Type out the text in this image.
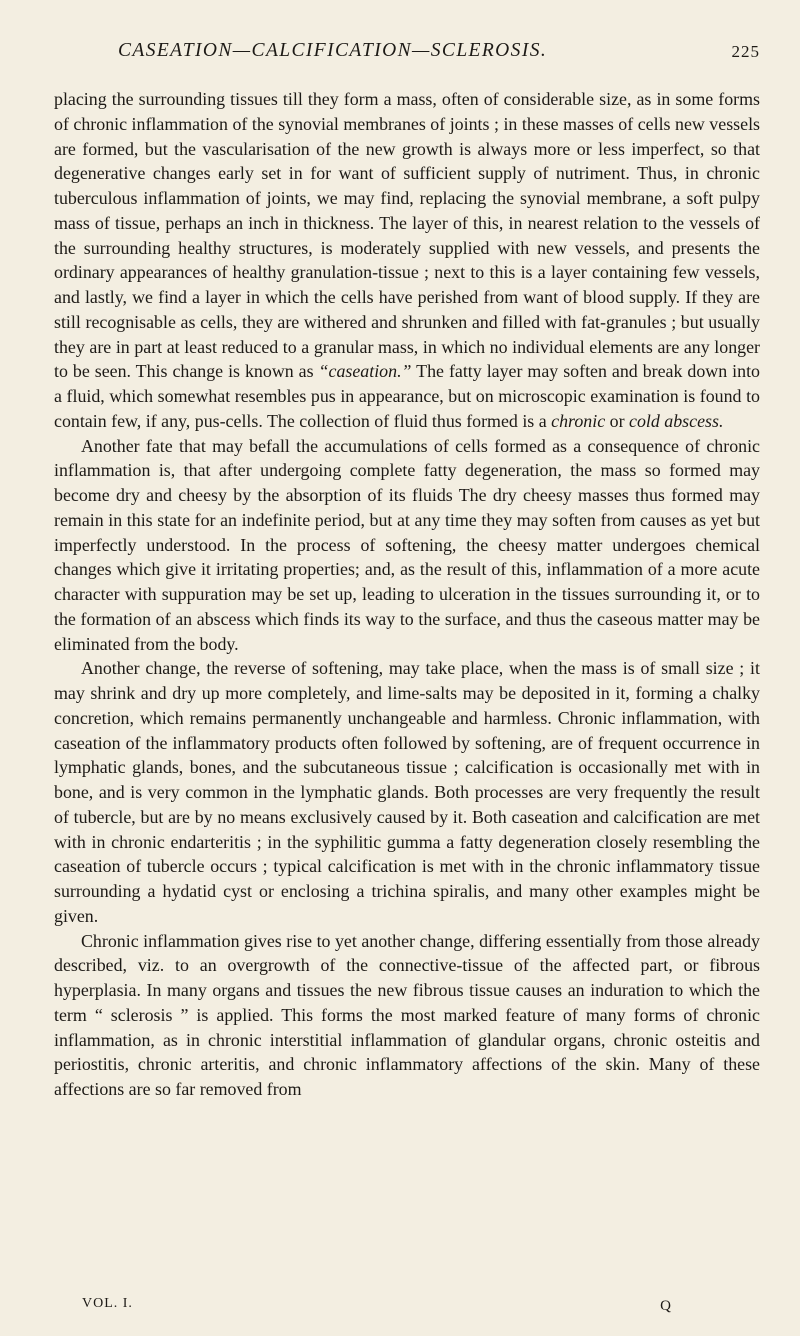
CASEATION—CALCIFICATION—SCLEROSIS.	225

placing the surrounding tissues till they form a mass, often of considerable size, as in some forms of chronic inflammation of the synovial membranes of joints ; in these masses of cells new vessels are formed, but the vascularisation of the new growth is always more or less imperfect, so that degenerative changes early set in for want of sufficient supply of nutriment. Thus, in chronic tuberculous inflammation of joints, we may find, replacing the synovial membrane, a soft pulpy mass of tissue, perhaps an inch in thickness. The layer of this, in nearest relation to the vessels of the surrounding healthy structures, is moderately supplied with new vessels, and presents the ordinary appearances of healthy granulation-tissue ; next to this is a layer containing few vessels, and lastly, we find a layer in which the cells have perished from want of blood supply. If they are still recognisable as cells, they are withered and shrunken and filled with fat-granules ; but usually they are in part at least reduced to a granular mass, in which no individual elements are any longer to be seen. This change is known as “caseation.” The fatty layer may soften and break down into a fluid, which somewhat resembles pus in appearance, but on microscopic examination is found to contain few, if any, pus-cells. The collection of fluid thus formed is a chronic or cold abscess.

Another fate that may befall the accumulations of cells formed as a consequence of chronic inflammation is, that after undergoing complete fatty degeneration, the mass so formed may become dry and cheesy by the absorption of its fluids The dry cheesy masses thus formed may remain in this state for an indefinite period, but at any time they may soften from causes as yet but imperfectly understood. In the process of softening, the cheesy matter undergoes chemical changes which give it irritating properties; and, as the result of this, inflammation of a more acute character with suppuration may be set up, leading to ulceration in the tissues surrounding it, or to the formation of an abscess which finds its way to the surface, and thus the caseous matter may be eliminated from the body.

Another change, the reverse of softening, may take place, when the mass is of small size ; it may shrink and dry up more completely, and lime-salts may be deposited in it, forming a chalky concretion, which remains permanently unchangeable and harmless. Chronic inflammation, with caseation of the inflammatory products often followed by softening, are of frequent occurrence in lymphatic glands, bones, and the subcutaneous tissue ; calcification is occasionally met with in bone, and is very common in the lymphatic glands. Both processes are very frequently the result of tubercle, but are by no means exclusively caused by it. Both caseation and calcification are met with in chronic endarteritis ; in the syphilitic gumma a fatty degeneration closely resembling the caseation of tubercle occurs ; typical calcification is met with in the chronic inflammatory tissue surrounding a hydatid cyst or enclosing a trichina spiralis, and many other examples might be given.

Chronic inflammation gives rise to yet another change, differing essentially from those already described, viz. to an overgrowth of the connective-tissue of the affected part, or fibrous hyperplasia. In many organs and tissues the new fibrous tissue causes an induration to which the term “ sclerosis ” is applied. This forms the most marked feature of many forms of chronic inflammation, as in chronic interstitial inflammation of glandular organs, chronic osteitis and periostitis, chronic arteritis, and chronic inflammatory affections of the skin. Many of these affections are so far removed from

VOL. I.	Q
